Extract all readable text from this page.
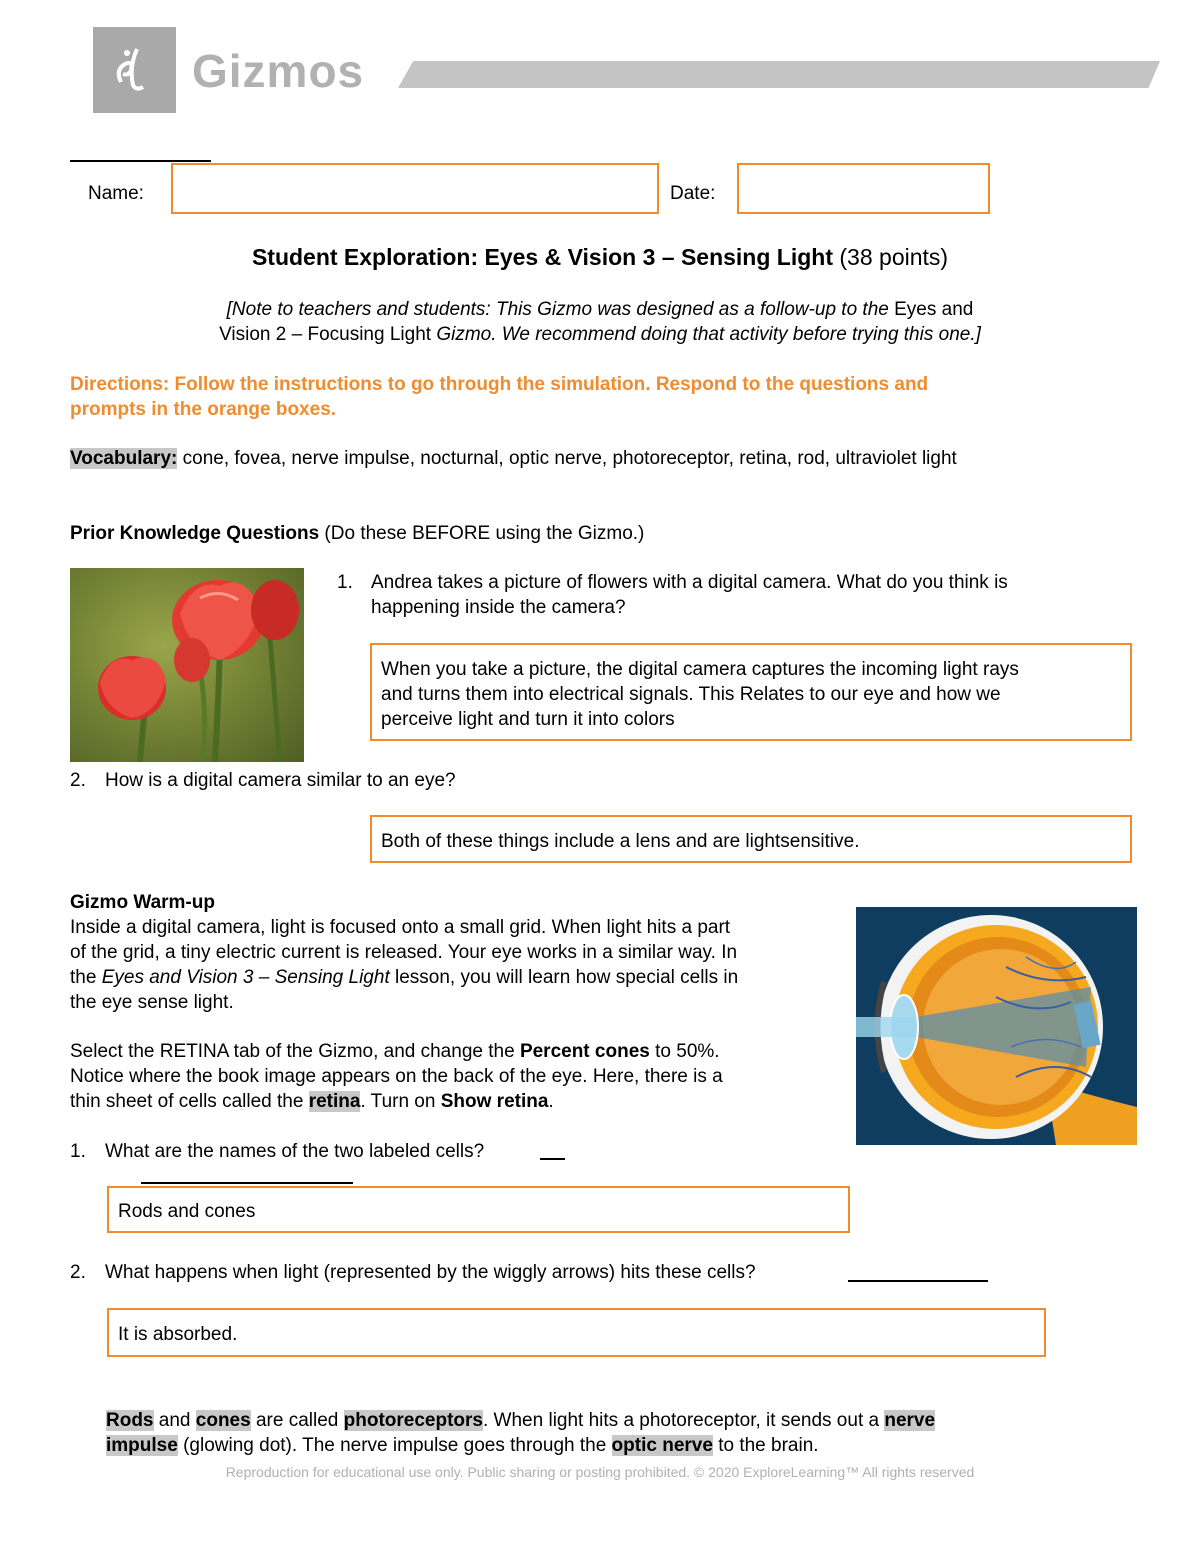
Gizmos
Name:	Date:
Student Exploration: Eyes & Vision 3 – Sensing Light (38 points)
[Note to teachers and students: This Gizmo was designed as a follow-up to the Eyes and
Vision 2 – Focusing Light Gizmo. We recommend doing that activity before trying this one.]
Directions: Follow the instructions to go through the simulation. Respond to the questions and
prompts in the orange boxes.
Vocabulary: cone, fovea, nerve impulse, nocturnal, optic nerve, photoreceptor, retina, rod, ultraviolet light
Prior Knowledge Questions (Do these BEFORE using the Gizmo.)
1. Andrea takes a picture of flowers with a digital camera. What do you think is
happening inside the camera?
When you take a picture, the digital camera captures the incoming light rays
and turns them into electrical signals. This Relates to our eye and how we
perceive light and turn it into colors
2. How is a digital camera similar to an eye?
Both of these things include a lens and are lightsensitive.
Gizmo Warm-up
Inside a digital camera, light is focused onto a small grid. When light hits a part
of the grid, a tiny electric current is released. Your eye works in a similar way. In
the Eyes and Vision 3 – Sensing Light lesson, you will learn how special cells in
the eye sense light.
Select the RETINA tab of the Gizmo, and change the Percent cones to 50%.
Notice where the book image appears on the back of the eye. Here, there is a
thin sheet of cells called the retina. Turn on Show retina.
1. What are the names of the two labeled cells?
Rods and cones
2. What happens when light (represented by the wiggly arrows) hits these cells?
It is absorbed.
Rods and cones are called photoreceptors. When light hits a photoreceptor, it sends out a nerve
impulse (glowing dot). The nerve impulse goes through the optic nerve to the brain.
Reproduction for educational use only. Public sharing or posting prohibited. © 2020 ExploreLearning™ All rights reserved
